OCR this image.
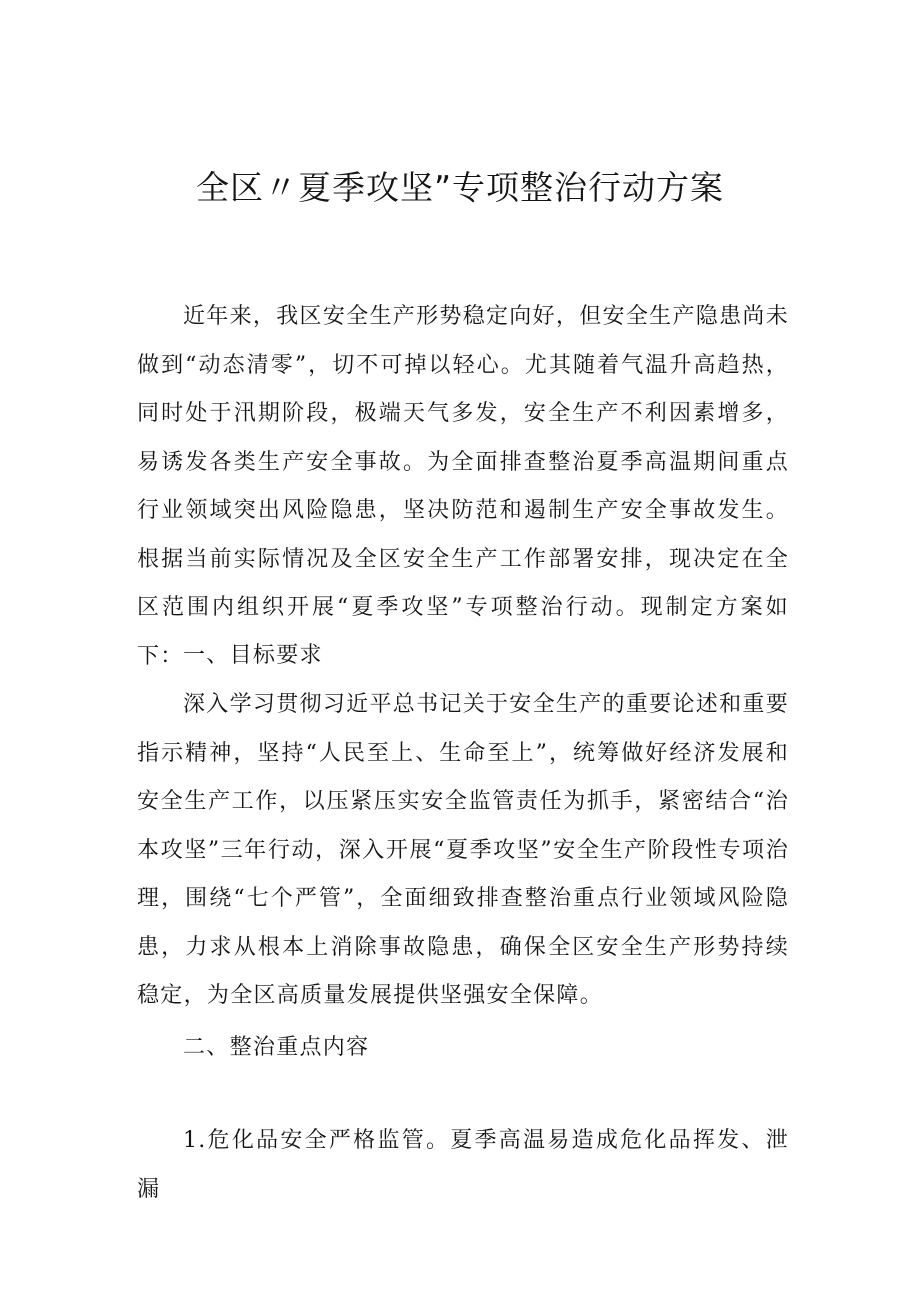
全区〃夏季攻坚”专项整治行动方案

近年来，我区安全生产形势稳定向好，但安全生产隐患尚未做到“动态清零”，切不可掉以轻心。尤其随着气温升高趋热，同时处于汛期阶段，极端天气多发，安全生产不利因素增多，易诱发各类生产安全事故。为全面排查整治夏季高温期间重点行业领域突出风险隐患，坚决防范和遏制生产安全事故发生。根据当前实际情况及全区安全生产工作部署安排，现决定在全区范围内组织开展“夏季攻坚”专项整治行动。现制定方案如下： 一、目标要求

深入学习贯彻习近平总书记关于安全生产的重要论述和重要指示精神，坚持“人民至上、生命至上”，统筹做好经济发展和安全生产工作，以压紧压实安全监管责任为抓手，紧密结合“治本攻坚”三年行动，深入开展“夏季攻坚”安全生产阶段性专项治理，围绕“七个严管”，全面细致排查整治重点行业领域风险隐患，力求从根本上消除事故隐患，确保全区安全生产形势持续稳定，为全区高质量发展提供坚强安全保障。

二、整治重点内容

1.危化品安全严格监管。夏季高温易造成危化品挥发、泄漏
